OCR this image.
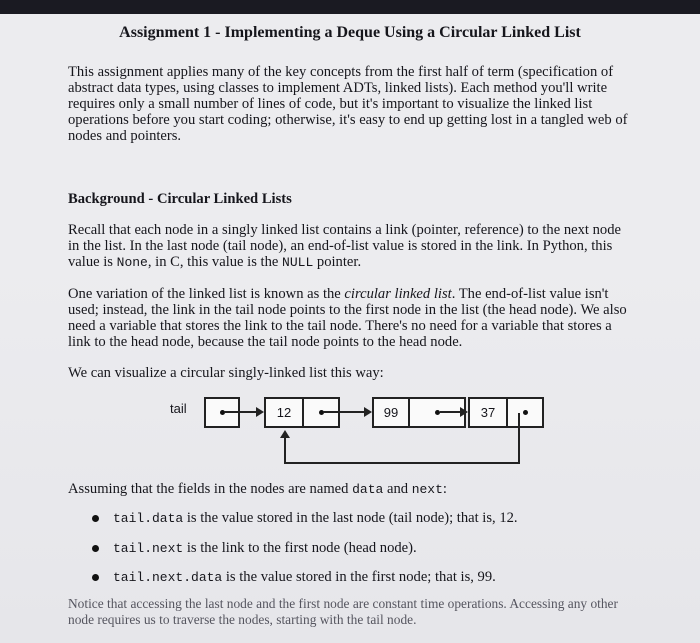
Assignment 1 - Implementing a Deque Using a Circular Linked List
This assignment applies many of the key concepts from the first half of term (specification of abstract data types, using classes to implement ADTs, linked lists). Each method you'll write requires only a small number of lines of code, but it's important to visualize the linked list operations before you start coding; otherwise, it's easy to end up getting lost in a tangled web of nodes and pointers.
Background - Circular Linked Lists
Recall that each node in a singly linked list contains a link (pointer, reference) to the next node in the list. In the last node (tail node), an end-of-list value is stored in the link. In Python, this value is None, in C, this value is the NULL pointer.
One variation of the linked list is known as the circular linked list. The end-of-list value isn't used; instead, the link in the tail node points to the first node in the list (the head node). We also need a variable that stores the link to the tail node. There's no need for a variable that stores a link to the head node, because the tail node points to the head node.
We can visualize a circular singly-linked list this way:
tail	12	99	37
Assuming that the fields in the nodes are named data and next:
tail.data is the value stored in the last node (tail node); that is, 12.
tail.next is the link to the first node (head node).
tail.next.data is the value stored in the first node; that is, 99.
Notice that accessing the last node and the first node are constant time operations. Accessing any other node requires us to traverse the nodes, starting with the tail node.
